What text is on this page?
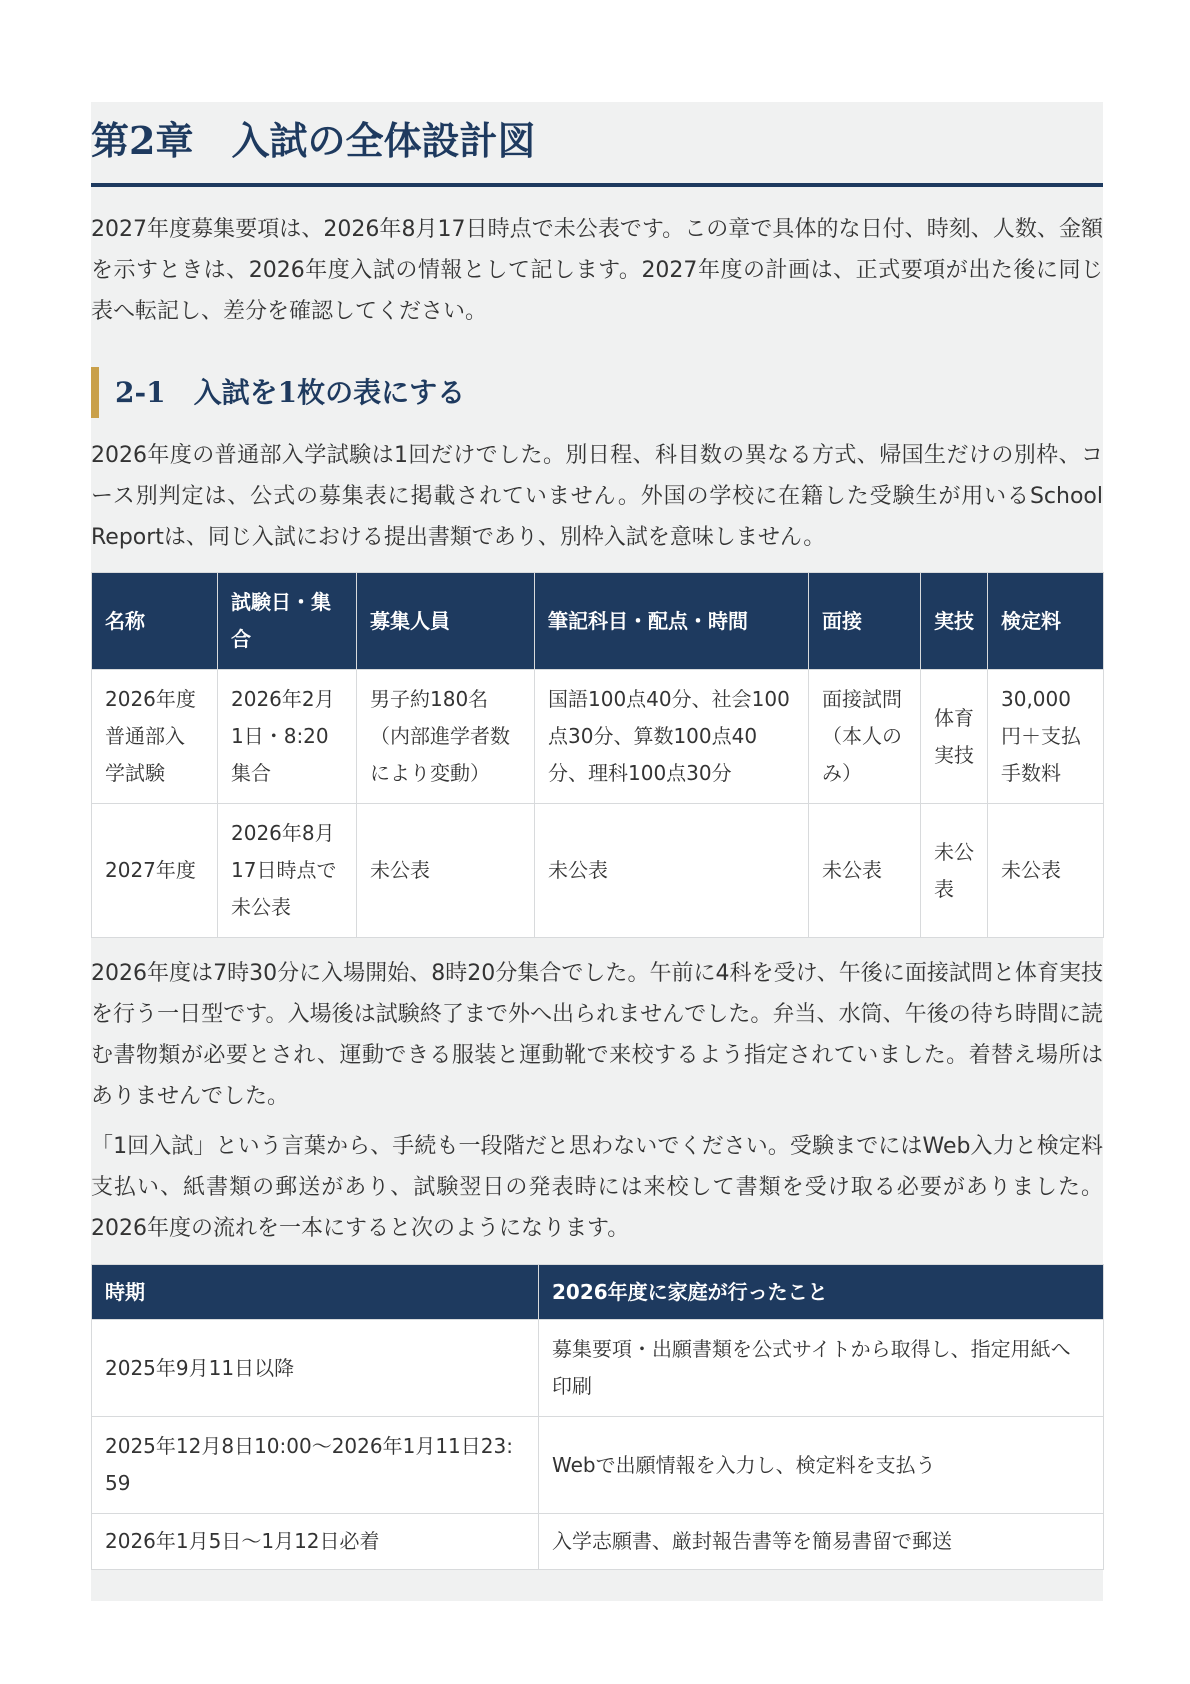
第2章　入試の全体設計図

2027年度募集要項は、2026年8月17日時点で未公表です。この章で具体的な日付、時刻、人数、金額を示すときは、2026年度入試の情報として記します。2027年度の計画は、正式要項が出た後に同じ表へ転記し、差分を確認してください。

2-1　入試を1枚の表にする

2026年度の普通部入学試験は1回だけでした。別日程、科目数の異なる方式、帰国生だけの別枠、コース別判定は、公式の募集表に掲載されていません。外国の学校に在籍した受験生が用いるSchool Reportは、同じ入試における提出書類であり、別枠入試を意味しません。

名称	試験日・集合	募集人員	筆記科目・配点・時間	面接	実技	検定料
2026年度普通部入学試験	2026年2月1日・8:20集合	男子約180名（内部進学者数により変動）	国語100点40分、社会100点30分、算数100点40分、理科100点30分	面接試問（本人のみ）	体育実技	30,000円＋支払手数料
2027年度	2026年8月17日時点で未公表	未公表	未公表	未公表	未公表	未公表

2026年度は7時30分に入場開始、8時20分集合でした。午前に4科を受け、午後に面接試問と体育実技を行う一日型です。入場後は試験終了まで外へ出られませんでした。弁当、水筒、午後の待ち時間に読む書物類が必要とされ、運動できる服装と運動靴で来校するよう指定されていました。着替え場所はありませんでした。

「1回入試」という言葉から、手続も一段階だと思わないでください。受験までにはWeb入力と検定料支払い、紙書類の郵送があり、試験翌日の発表時には来校して書類を受け取る必要がありました。2026年度の流れを一本にすると次のようになります。

時期	2026年度に家庭が行ったこと
2025年9月11日以降	募集要項・出願書類を公式サイトから取得し、指定用紙へ印刷
2025年12月8日10:00〜2026年1月11日23:59	Webで出願情報を入力し、検定料を支払う
2026年1月5日〜1月12日必着	入学志願書、厳封報告書等を簡易書留で郵送
